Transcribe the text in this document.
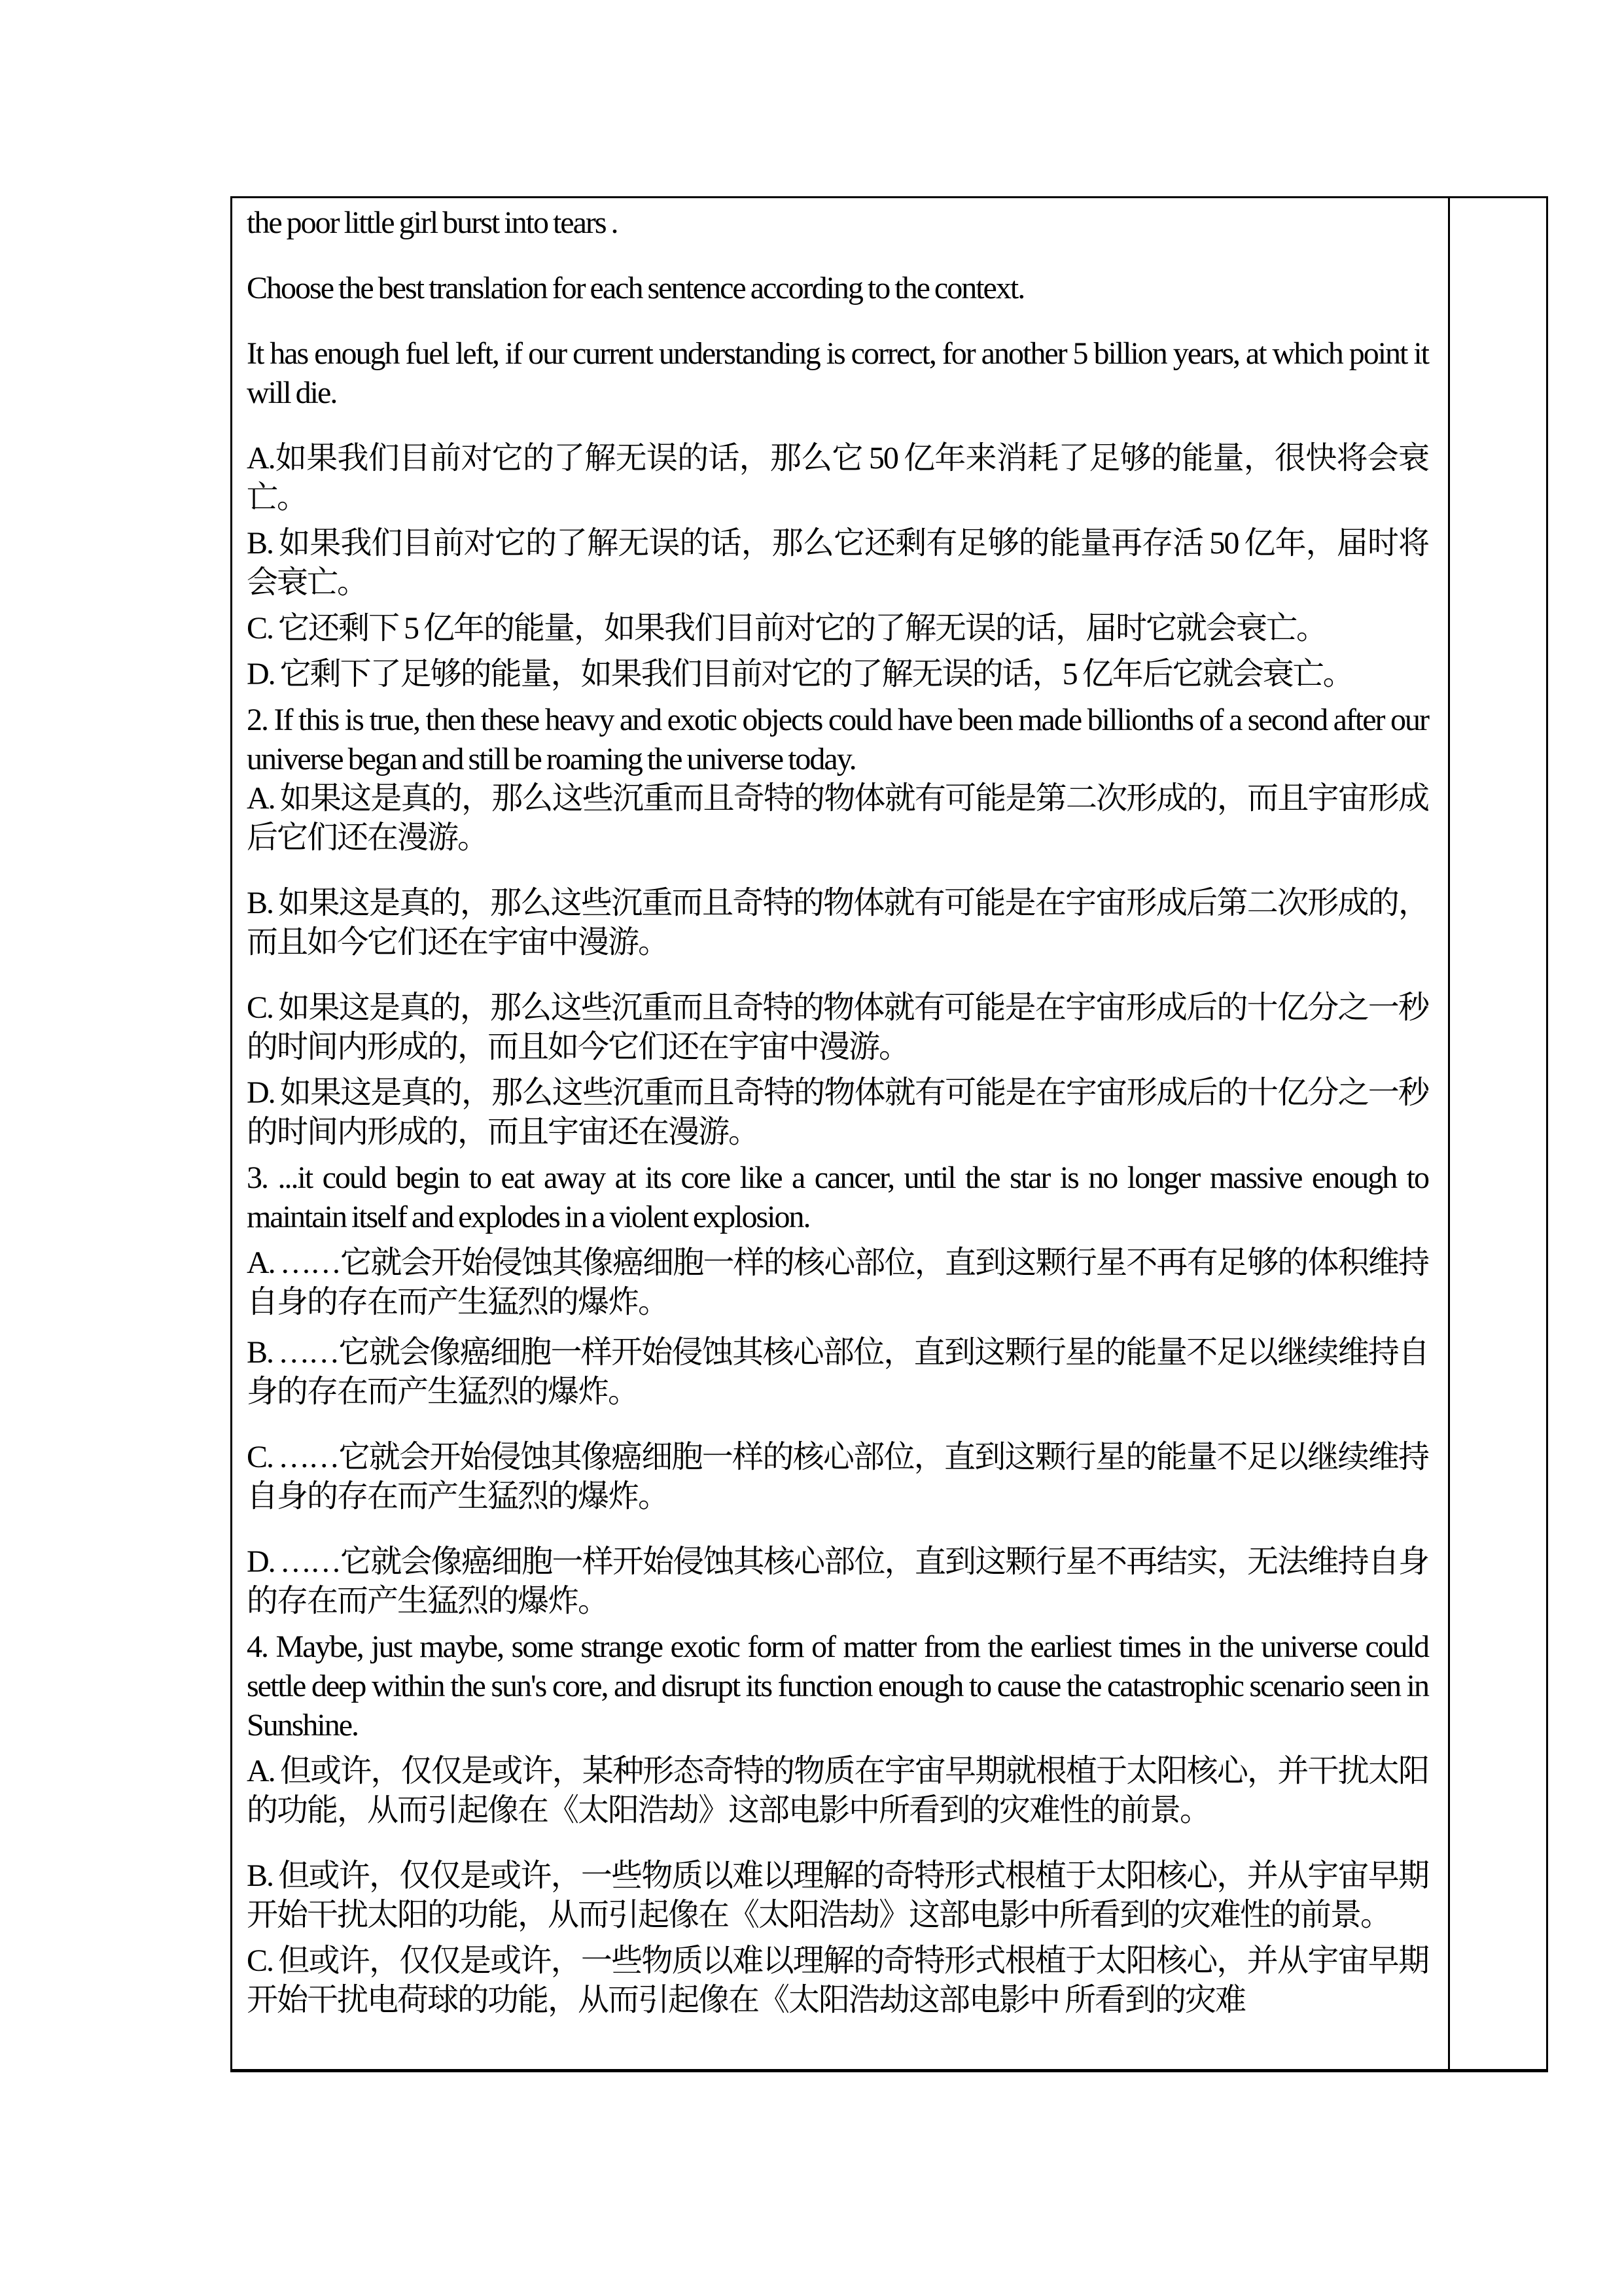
the poor little girl burst into tears .

Choose the best translation for each sentence according to the context.

It has enough fuel left, if our current understanding is correct, for another 5 billion years, at which point it will die.

A.如果我们目前对它的了解无误的话，那么它 50 亿年来消耗了足够的能量，很快将会衰亡。

B. 如果我们目前对它的了解无误的话，那么它还剩有足够的能量再存活 50 亿年，届时将会衰亡。

C. 它还剩下 5 亿年的能量，如果我们目前对它的了解无误的话，届时它就会衰亡。

D. 它剩下了足够的能量，如果我们目前对它的了解无误的话，5 亿年后它就会衰亡。

2. If this is true, then these heavy and exotic objects could have been made billionths of a second after our universe began and still be roaming the universe today.

A. 如果这是真的，那么这些沉重而且奇特的物体就有可能是第二次形成的，而且宇宙形成后它们还在漫游。

B. 如果这是真的，那么这些沉重而且奇特的物体就有可能是在宇宙形成后第二次形成的，而且如今它们还在宇宙中漫游。

C. 如果这是真的，那么这些沉重而且奇特的物体就有可能是在宇宙形成后的十亿分之一秒的时间内形成的，而且如今它们还在宇宙中漫游。

D. 如果这是真的，那么这些沉重而且奇特的物体就有可能是在宇宙形成后的十亿分之一秒的时间内形成的，而且宇宙还在漫游。

3. ...it could begin to eat away at its core like a cancer, until the star is no longer massive enough to maintain itself and explodes in a violent explosion.

A. ……它就会开始侵蚀其像癌细胞一样的核心部位，直到这颗行星不再有足够的体积维持自身的存在而产生猛烈的爆炸。

B. ……它就会像癌细胞一样开始侵蚀其核心部位，直到这颗行星的能量不足以继续维持自身的存在而产生猛烈的爆炸。

C. ……它就会开始侵蚀其像癌细胞一样的核心部位，直到这颗行星的能量不足以继续维持自身的存在而产生猛烈的爆炸。

D. ……它就会像癌细胞一样开始侵蚀其核心部位，直到这颗行星不再结实，无法维持自身的存在而产生猛烈的爆炸。

4. Maybe, just maybe, some strange exotic form of matter from the earliest times in the universe could settle deep within the sun's core, and disrupt its function enough to cause the catastrophic scenario seen in Sunshine.

A. 但或许，仅仅是或许，某种形态奇特的物质在宇宙早期就根植于太阳核心，并干扰太阳的功能，从而引起像在《太阳浩劫》这部电影中所看到的灾难性的前景。

B. 但或许，仅仅是或许，一些物质以难以理解的奇特形式根植于太阳核心，并从宇宙早期开始干扰太阳的功能，从而引起像在《太阳浩劫》这部电影中所看到的灾难性的前景。

C. 但或许，仅仅是或许，一些物质以难以理解的奇特形式根植于太阳核心，并从宇宙早期开始干扰电荷球的功能，从而引起像在《太阳浩劫这部电影中 所看到的灾难
